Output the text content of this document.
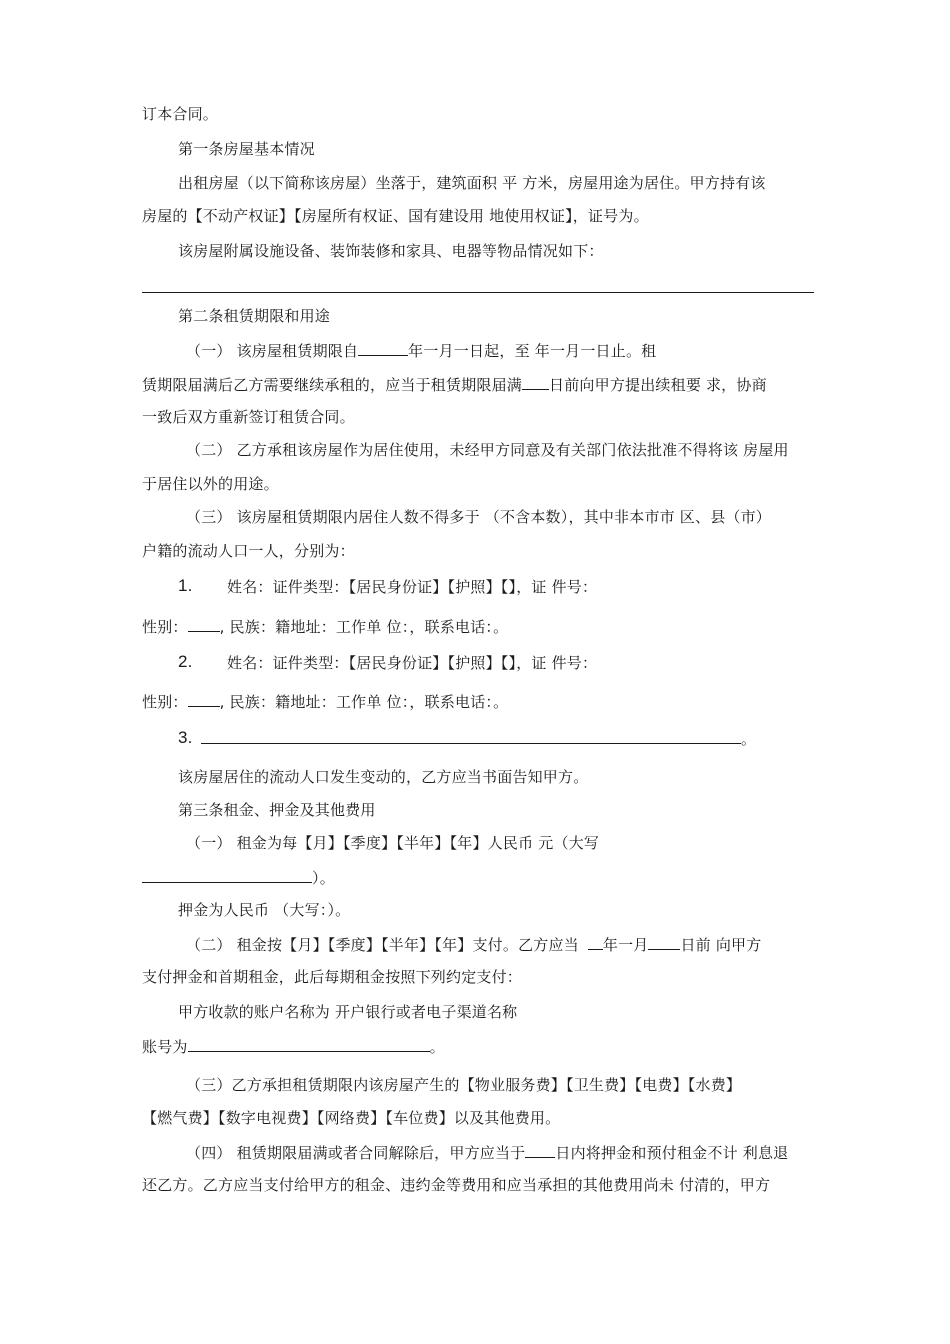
订本合同。
第一条房屋基本情况
出租房屋（以下简称该房屋）坐落于，建筑面积 平 方米，房屋用途为居住。甲方持有该
房屋的【不动产权证】【房屋所有权证、国有建设用 地使用权证】，证号为。
该房屋附属设施设备、装饰装修和家具、电器等物品情况如下：
第二条租赁期限和用途
（一） 该房屋租赁期限自	年一月一日起，至 年一月一日止。租
赁期限届满后乙方需要继续承租的，应当于租赁期限届满 日前向甲方提出续租要 求，协商
一致后双方重新签订租赁合同。
（二） 乙方承租该房屋作为居住使用，未经甲方同意及有关部门依法批准不得将该 房屋用
于居住以外的用途。
（三） 该房屋租赁期限内居住人数不得多于 （不含本数），其中非本市市 区、县（市）
户籍的流动人口一人，分别为：
1. 姓名：证件类型：【居民身份证】【护照】【】，证 件号：
性别： , 民族：籍地址：工作单 位：，联系电话：。
2. 姓名：证件类型：【居民身份证】【护照】【】，证 件号：
性别： , 民族：籍地址：工作单 位：，联系电话：。
3.	。
该房屋居住的流动人口发生变动的，乙方应当书面告知甲方。
第三条租金、押金及其他费用
（一） 租金为每【月】【季度】【半年】【年】人民币 元（大写
）。
押金为人民币 （大写：）。
（二） 租金按【月】【季度】【半年】【年】支付。乙方应当 年一月 日前 向甲方
支付押金和首期租金，此后每期租金按照下列约定支付：
甲方收款的账户名称为 开户银行或者电子渠道名称
账号为	。
（三）乙方承担租赁期限内该房屋产生的【物业服务费】【卫生费】【电费】【水费】
【燃气费】【数字电视费】【网络费】【车位费】以及其他费用。
（四） 租赁期限届满或者合同解除后，甲方应当于 日内将押金和预付租金不计 利息退
还乙方。乙方应当支付给甲方的租金、违约金等费用和应当承担的其他费用尚未 付清的，甲方
